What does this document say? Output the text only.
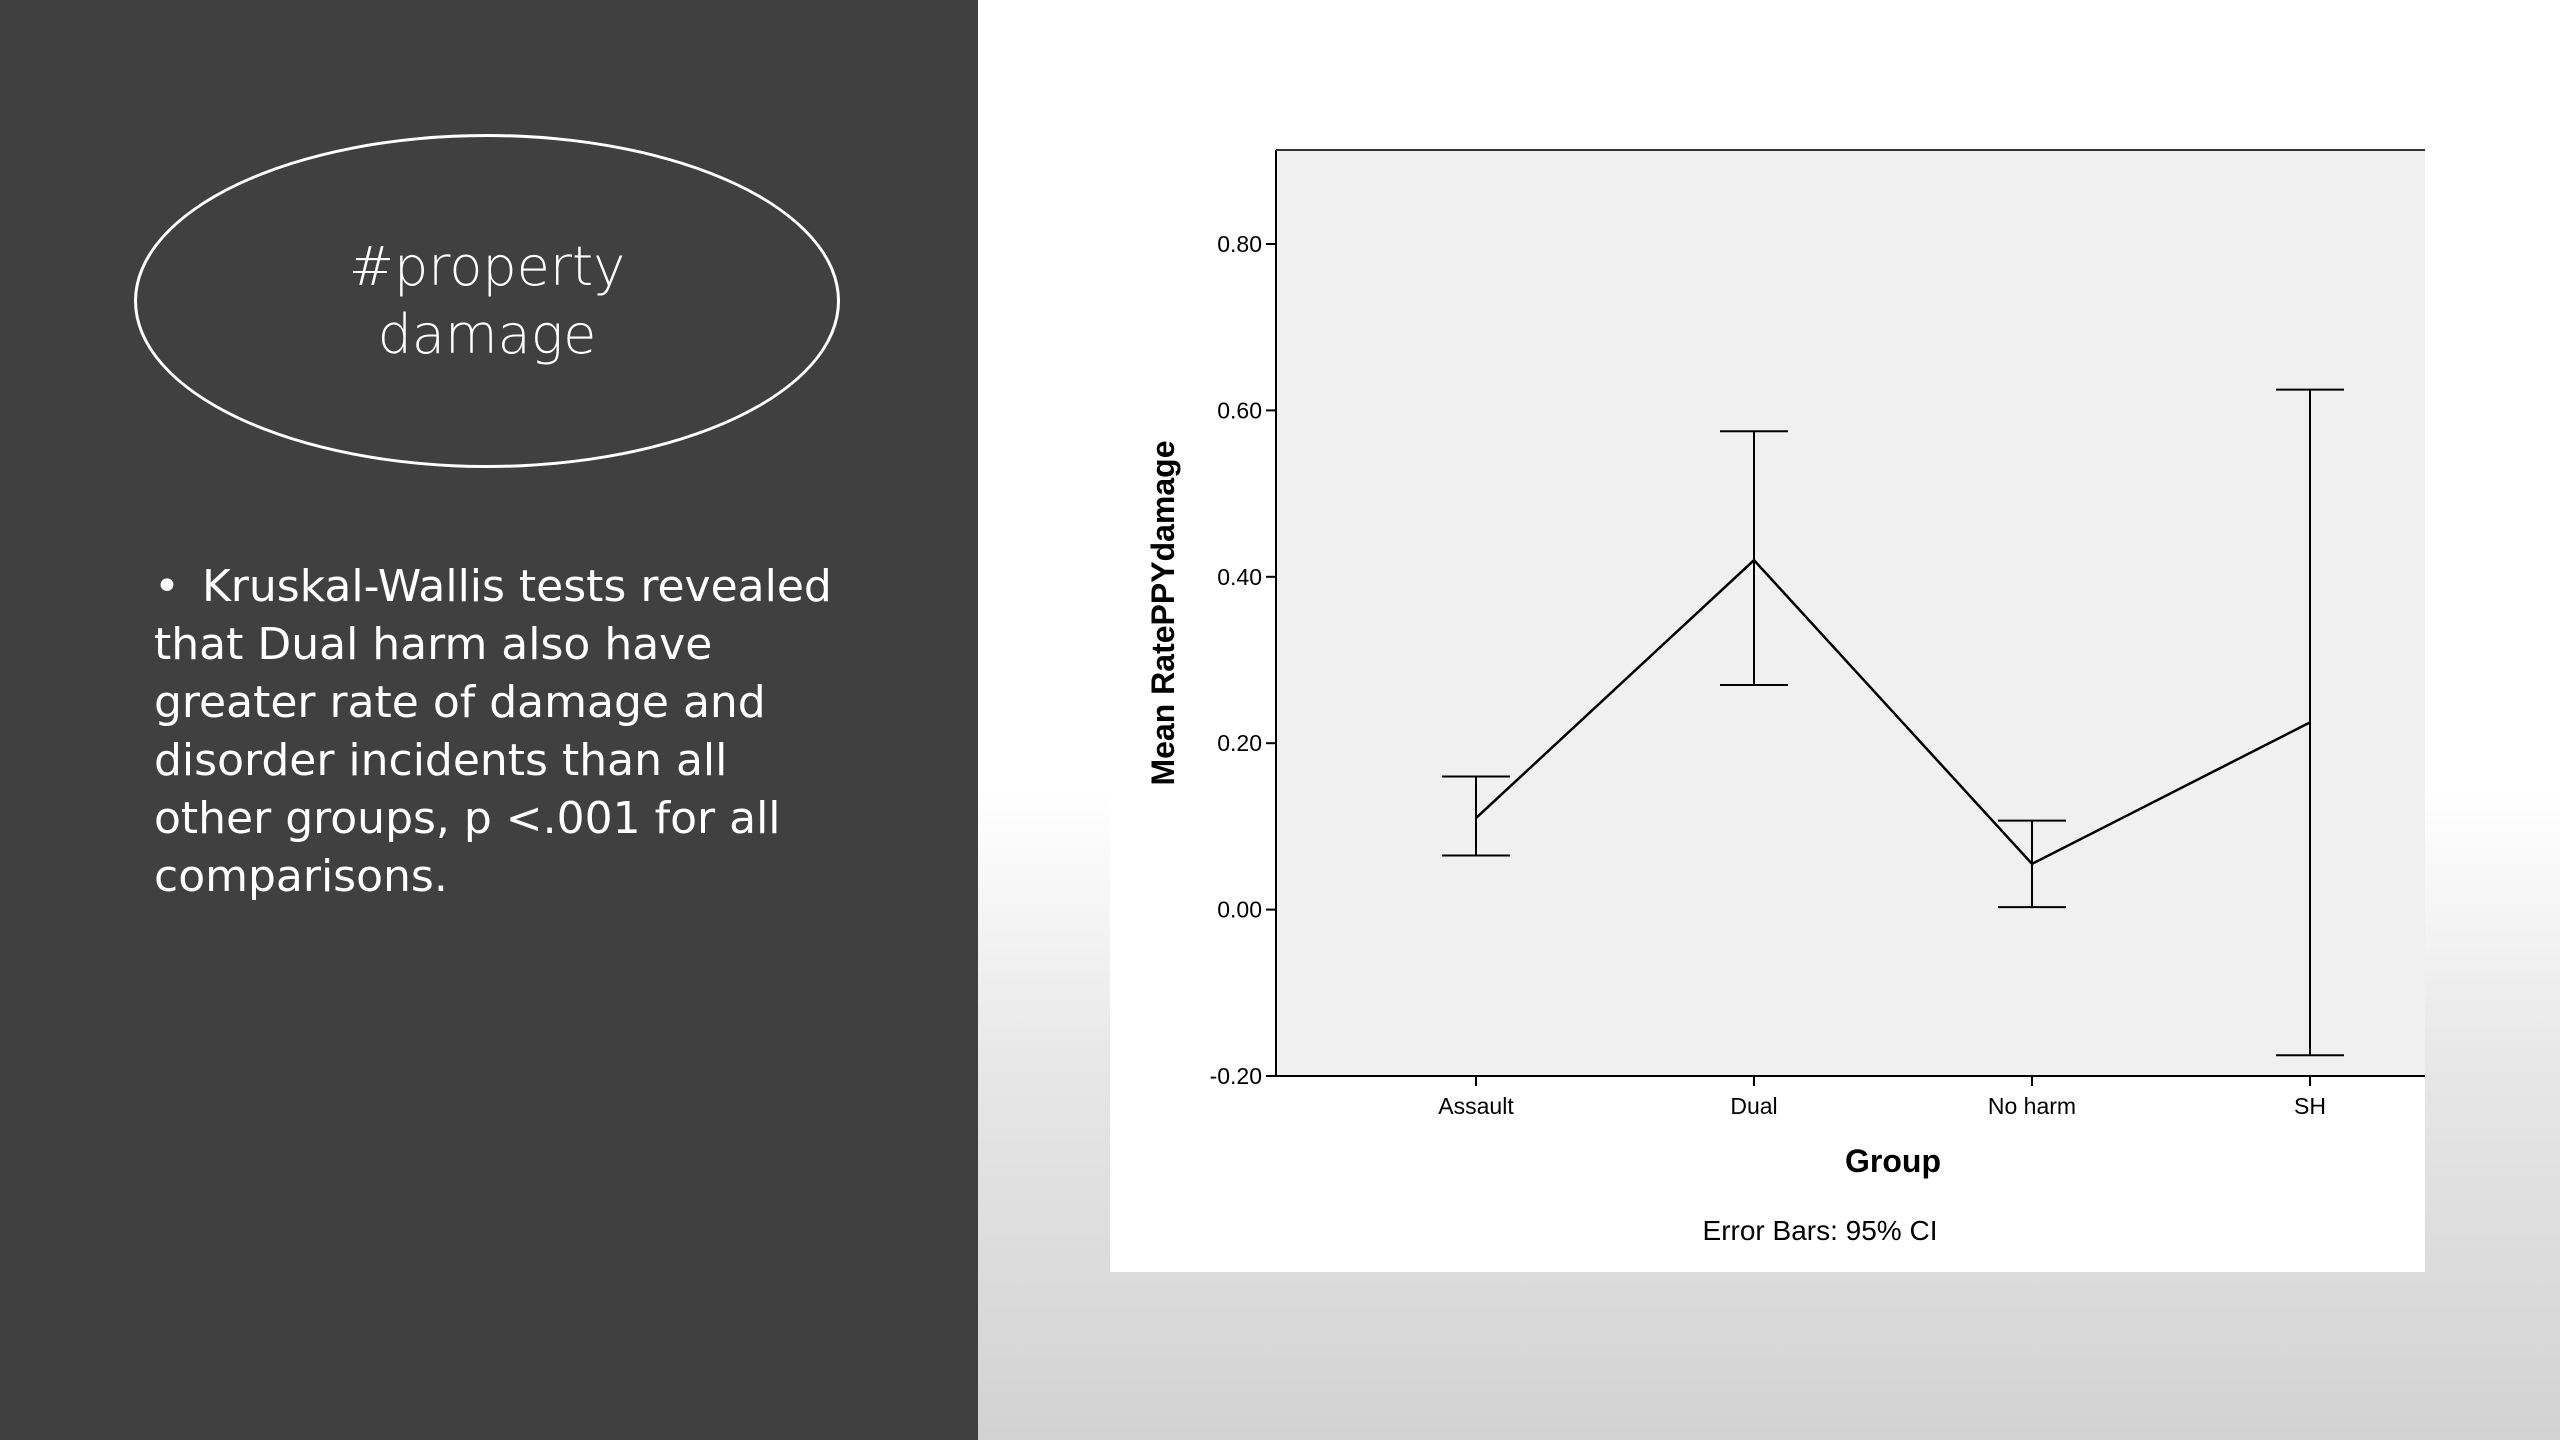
#property damage
• Kruskal-Wallis tests revealed that Dual harm also have greater rate of damage and disorder incidents than all other groups, p <.001 for all comparisons.
-0.20
0.00
0.20
0.40
0.60
0.80
Assault	Dual	No harm	SH
Group
Mean RatePPYdamage
Error Bars: 95% CI
